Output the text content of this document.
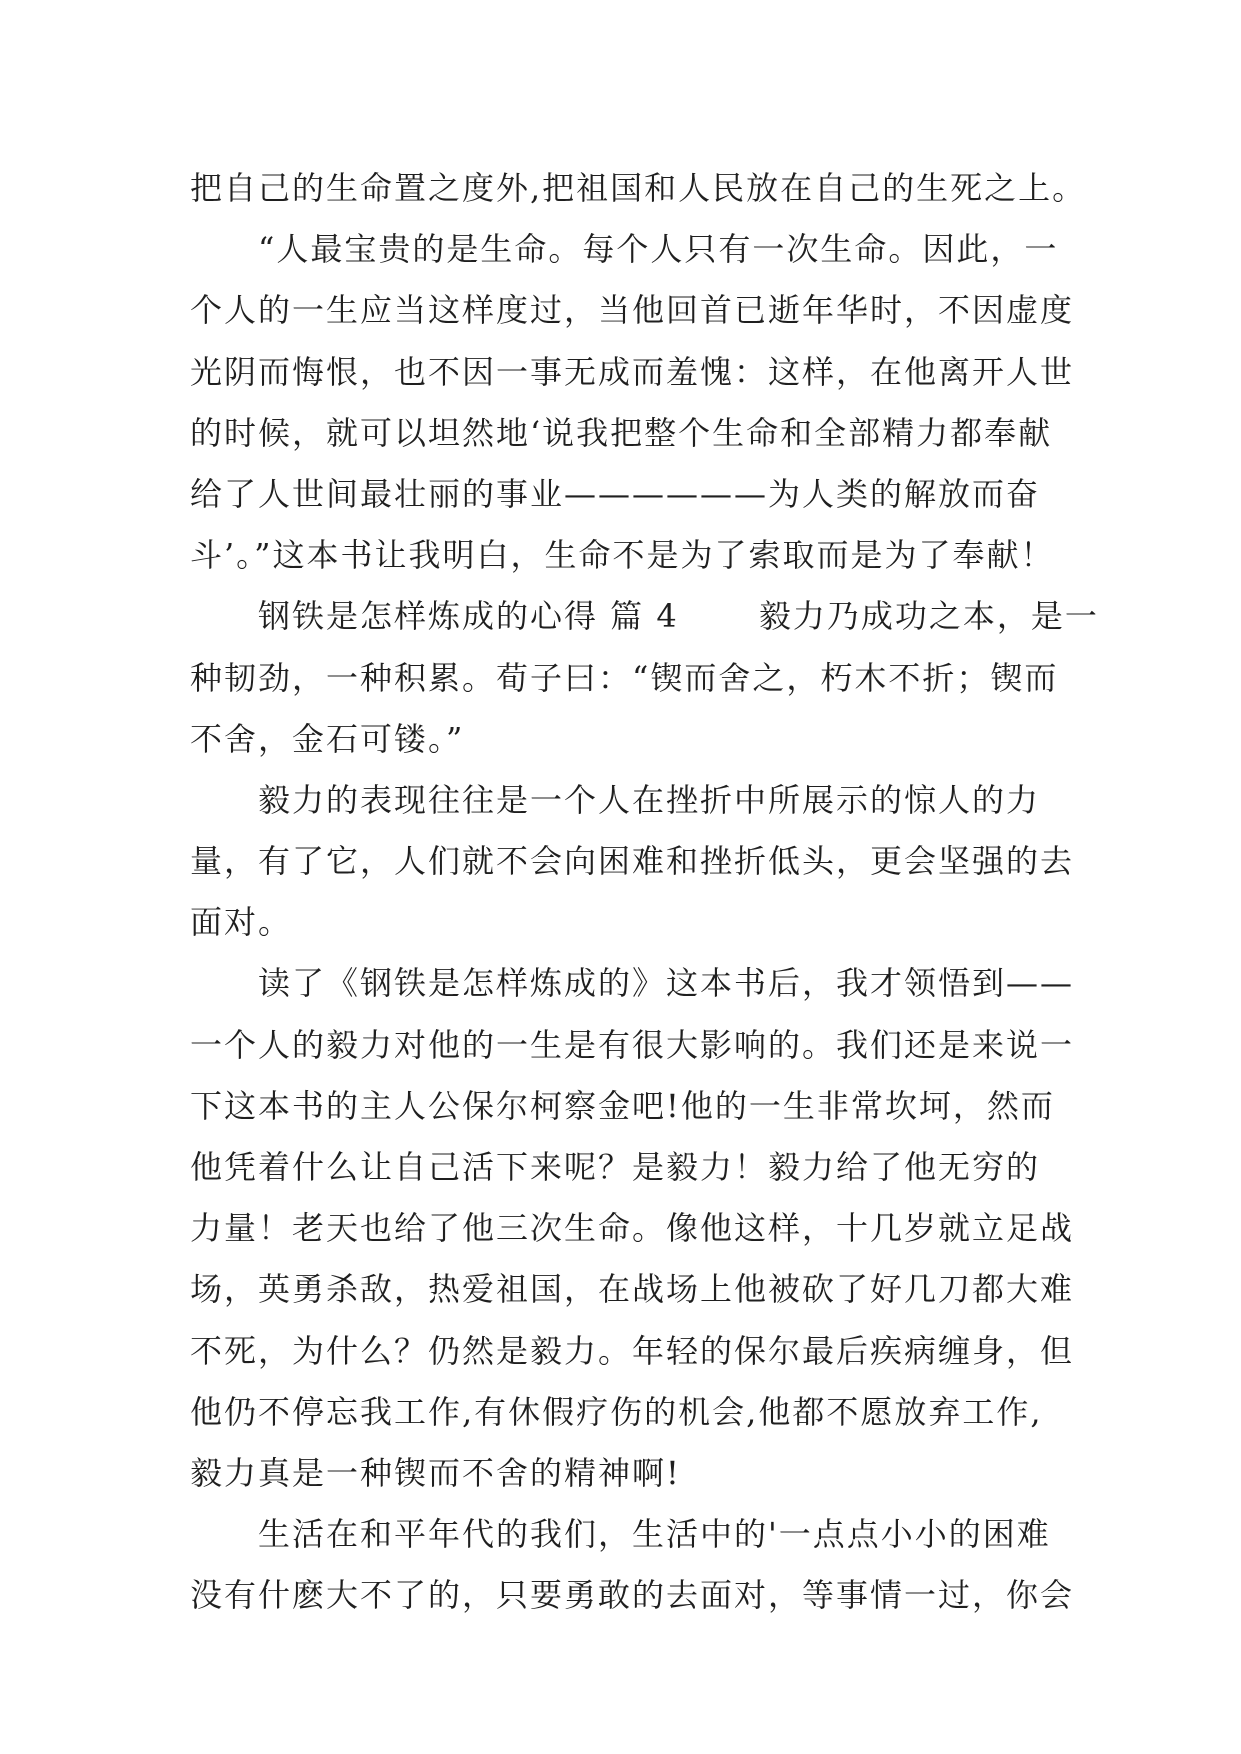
把自己的生命置之度外,把祖国和人民放在自己的生死之上。
　　“人最宝贵的是生命。每个人只有一次生命。因此，一
个人的一生应当这样度过，当他回首已逝年华时，不因虚度
光阴而悔恨，也不因一事无成而羞愧：这样，在他离开人世
的时候，就可以坦然地‘说我把整个生命和全部精力都奉献
给了人世间最壮丽的事业——————为人类的解放而奋
斗’。”这本书让我明白，生命不是为了索取而是为了奉献！
　　钢铁是怎样炼成的心得 篇 4 　　毅力乃成功之本，是一
种韧劲，一种积累。荀子曰：“锲而舍之，朽木不折；锲而
不舍，金石可镂。”
　　毅力的表现往往是一个人在挫折中所展示的惊人的力
量，有了它，人们就不会向困难和挫折低头，更会坚强的去
面对。
　　读了《钢铁是怎样炼成的》这本书后，我才领悟到——
一个人的毅力对他的一生是有很大影响的。我们还是来说一
下这本书的主人公保尔柯察金吧!他的一生非常坎坷，然而
他凭着什么让自己活下来呢？是毅力！毅力给了他无穷的
力量！老天也给了他三次生命。像他这样，十几岁就立足战
场，英勇杀敌，热爱祖国，在战场上他被砍了好几刀都大难
不死，为什么？仍然是毅力。年轻的保尔最后疾病缠身，但
他仍不停忘我工作,有休假疗伤的机会,他都不愿放弃工作,
毅力真是一种锲而不舍的精神啊!
　　生活在和平年代的我们，生活中的'一点点小小的困难
没有什麽大不了的，只要勇敢的去面对，等事情一过，你会
